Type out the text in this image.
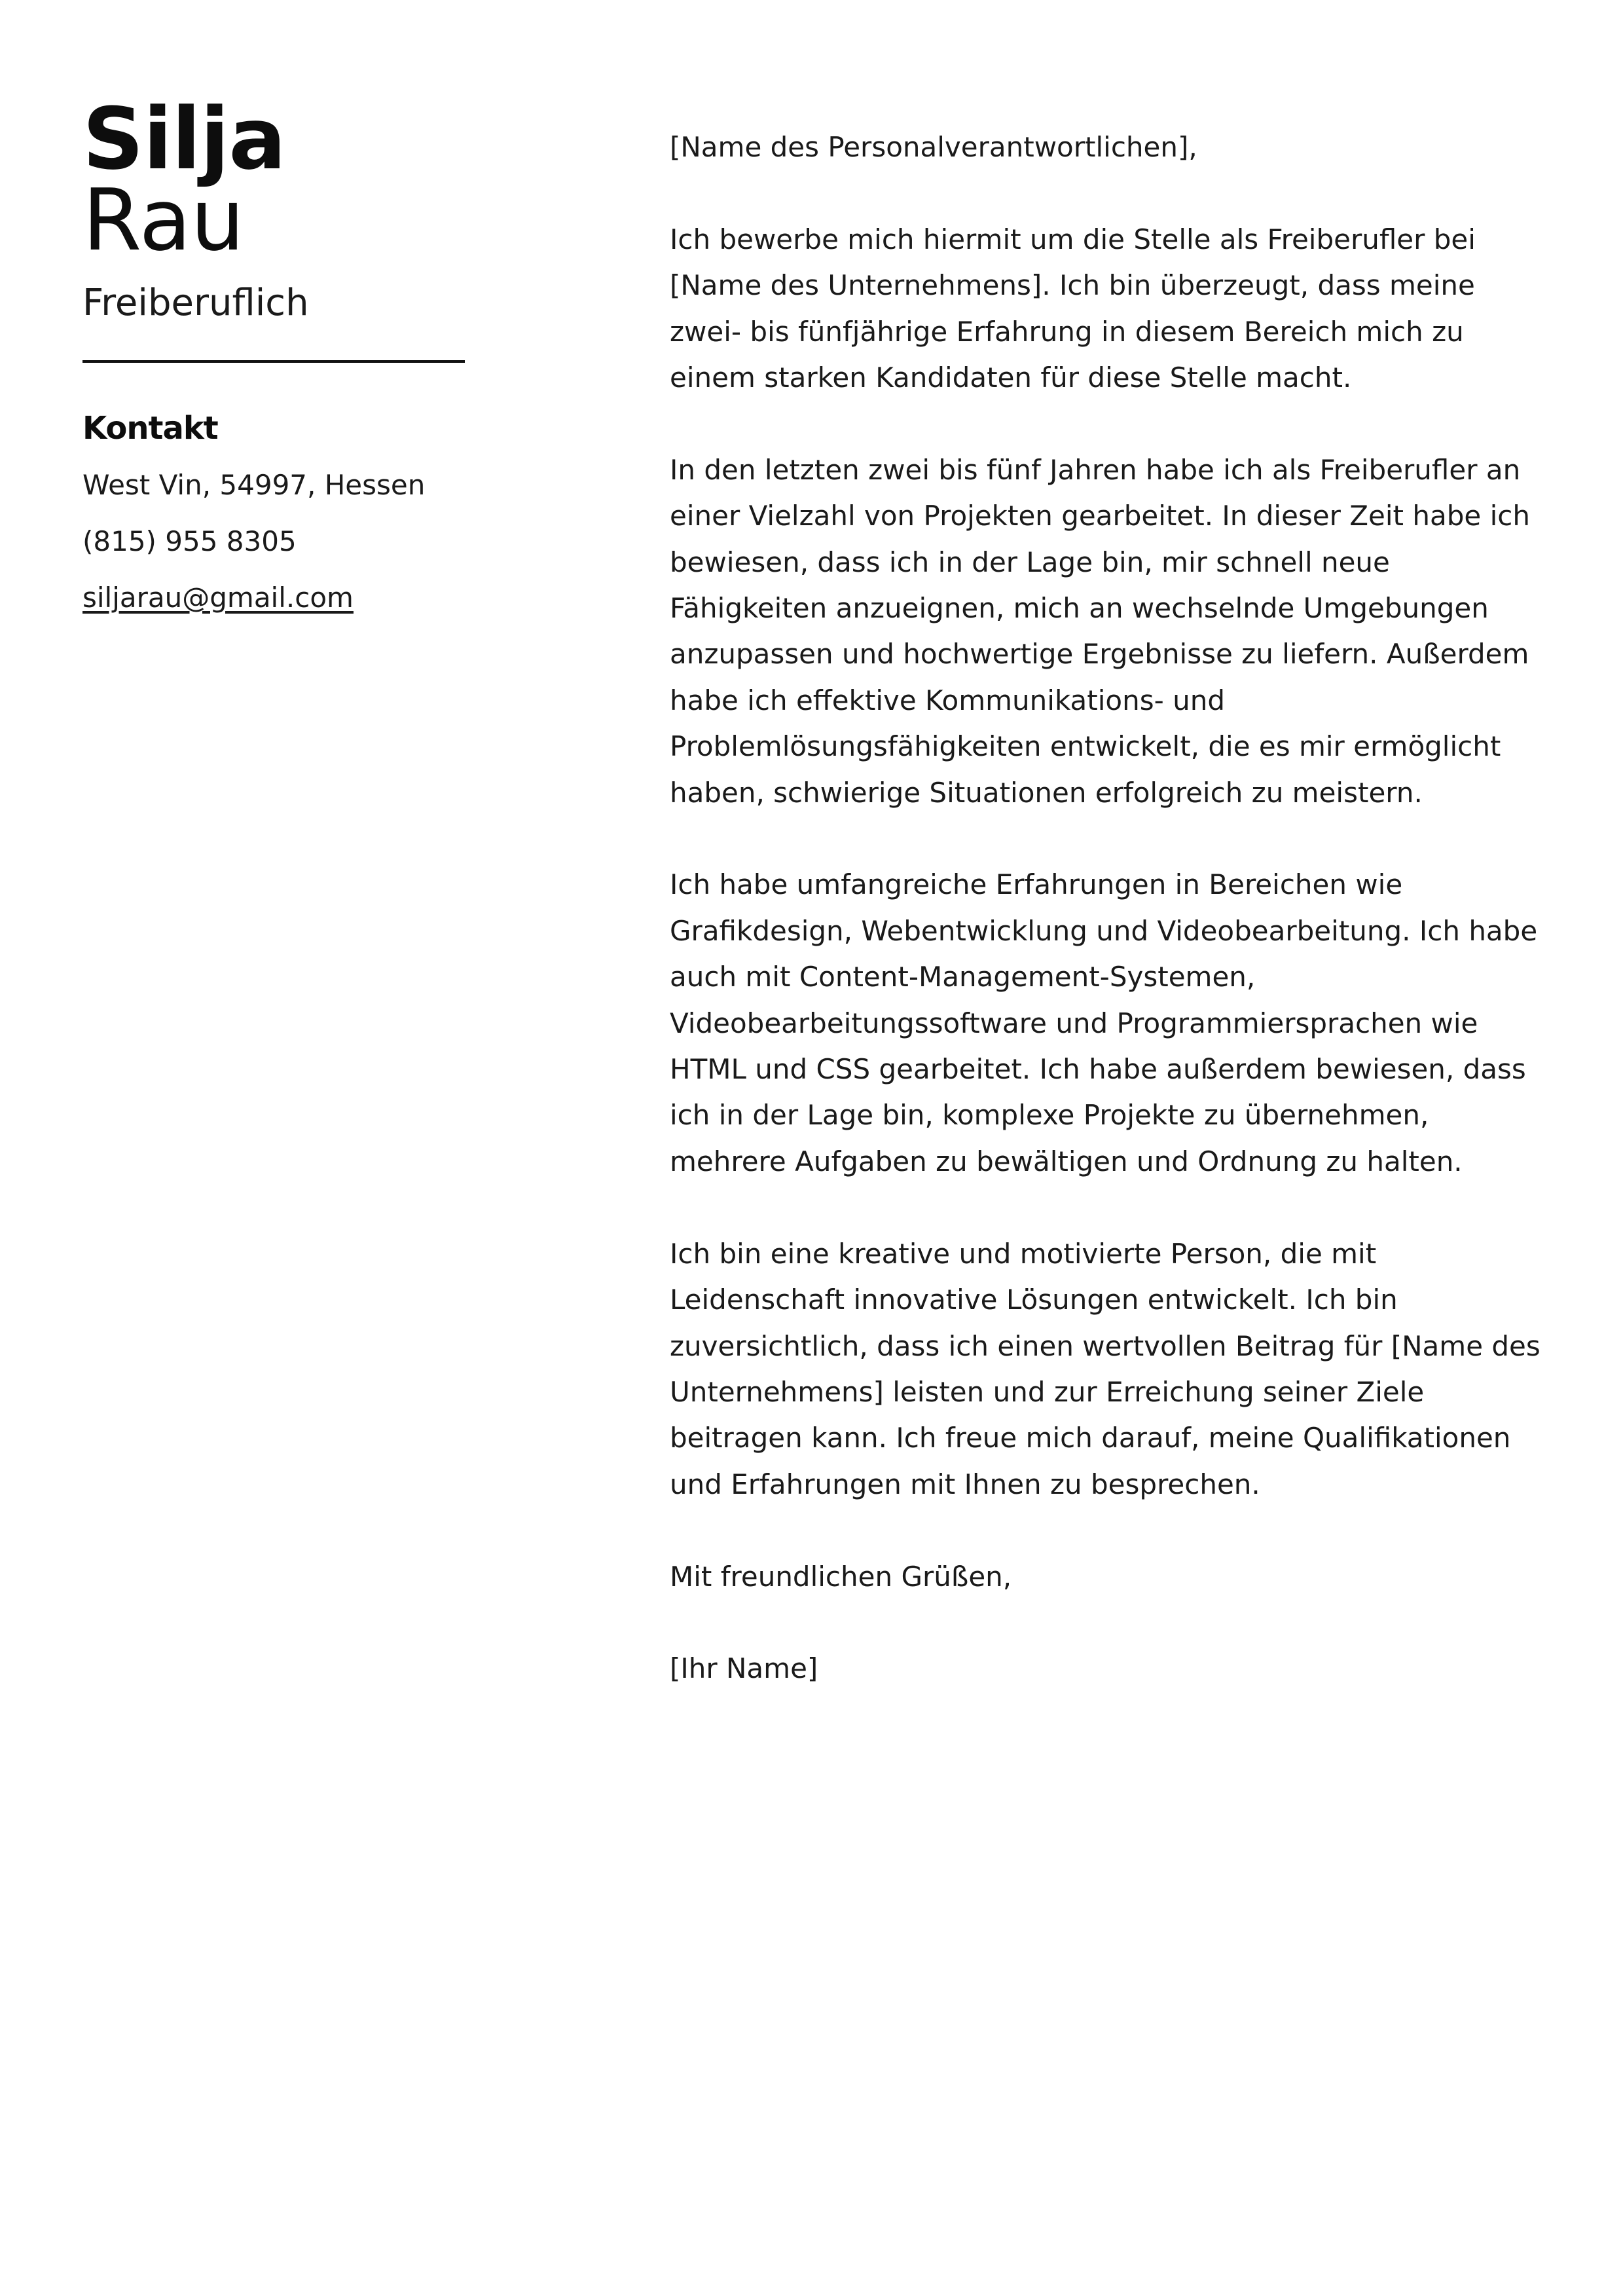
Silja
Rau
Freiberuflich
Kontakt
West Vin, 54997, Hessen
(815) 955 8305
siljarau@gmail.com

[Name des Personalverantwortlichen],

Ich bewerbe mich hiermit um die Stelle als Freiberufler bei
[Name des Unternehmens]. Ich bin überzeugt, dass meine
zwei- bis fünfjährige Erfahrung in diesem Bereich mich zu
einem starken Kandidaten für diese Stelle macht.

In den letzten zwei bis fünf Jahren habe ich als Freiberufler an
einer Vielzahl von Projekten gearbeitet. In dieser Zeit habe ich
bewiesen, dass ich in der Lage bin, mir schnell neue
Fähigkeiten anzueignen, mich an wechselnde Umgebungen
anzupassen und hochwertige Ergebnisse zu liefern. Außerdem
habe ich effektive Kommunikations- und
Problemlösungsfähigkeiten entwickelt, die es mir ermöglicht
haben, schwierige Situationen erfolgreich zu meistern.

Ich habe umfangreiche Erfahrungen in Bereichen wie
Grafikdesign, Webentwicklung und Videobearbeitung. Ich habe
auch mit Content-Management-Systemen,
Videobearbeitungssoftware und Programmiersprachen wie
HTML und CSS gearbeitet. Ich habe außerdem bewiesen, dass
ich in der Lage bin, komplexe Projekte zu übernehmen,
mehrere Aufgaben zu bewältigen und Ordnung zu halten.

Ich bin eine kreative und motivierte Person, die mit
Leidenschaft innovative Lösungen entwickelt. Ich bin
zuversichtlich, dass ich einen wertvollen Beitrag für [Name des
Unternehmens] leisten und zur Erreichung seiner Ziele
beitragen kann. Ich freue mich darauf, meine Qualifikationen
und Erfahrungen mit Ihnen zu besprechen.

Mit freundlichen Grüßen,

[Ihr Name]
